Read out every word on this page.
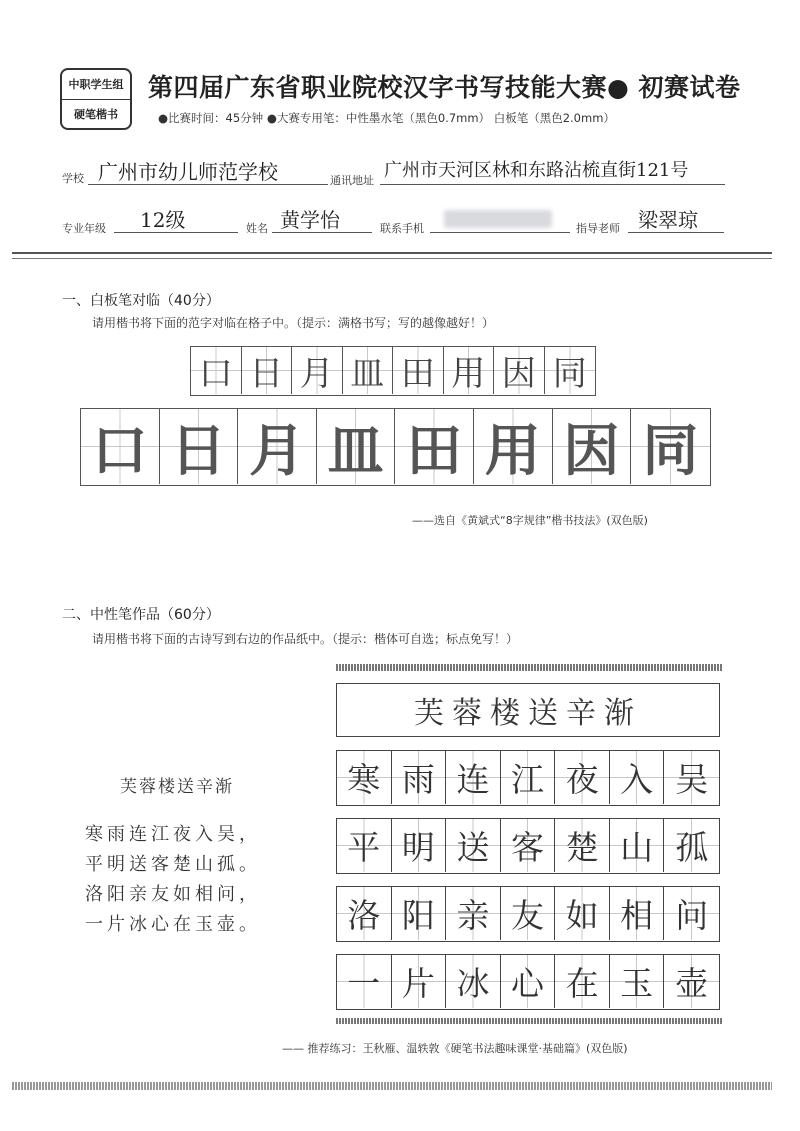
中职学生组
硬笔楷书
第四届广东省职业院校汉字书写技能大赛● 初赛试卷
●比赛时间：45分钟 ●大赛专用笔：中性墨水笔（黑色0.7mm） 白板笔（黑色2.0mm）
学校 广州市幼儿师范学校	通讯地址 广州市天河区林和东路沾梳直街121号
专业年级 12级	姓名 黄学怡	联系手机	指导老师 梁翠琼
一、白板笔对临（40分）
请用楷书将下面的范字对临在格子中。（提示：满格书写；写的越像越好！）
口 日 月 皿 田 用 因 同
口 日 月 皿 田 用 因 同
——选自《黄斌式“8字规律”楷书技法》(双色版)
二、中性笔作品（60分）
请用楷书将下面的古诗写到右边的作品纸中。（提示：楷体可自选；标点免写！）
芙蓉楼送辛渐
寒雨连江夜入吴，
平明送客楚山孤。
洛阳亲友如相问，
一片冰心在玉壶。
芙蓉楼送辛渐
寒 雨 连 江 夜 入 吴
平 明 送 客 楚 山 孤
洛 阳 亲 友 如 相 问
一 片 冰 心 在 玉 壶
—— 推荐练习：王秋雁、温轶敦《硬笔书法趣味课堂·基础篇》(双色版)
